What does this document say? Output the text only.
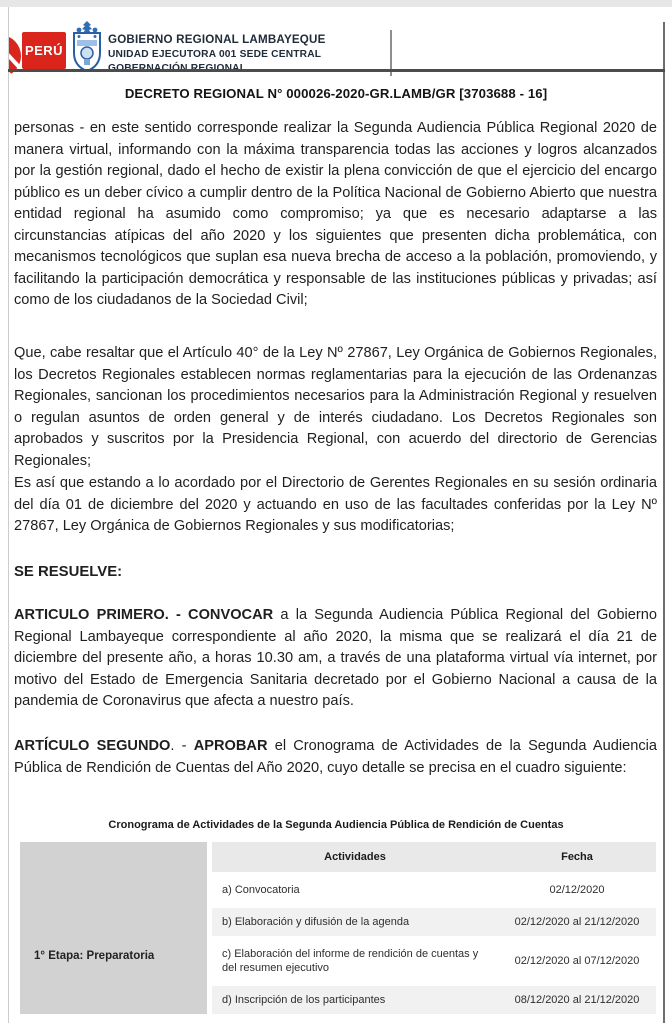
PERÚ
GOBIERNO REGIONAL LAMBAYEQUE
UNIDAD EJECUTORA 001 SEDE CENTRAL
DECRETO REGIONAL N° 000026-2020-GR.LAMB/GR [3703688 - 16]

personas - en este sentido corresponde realizar la Segunda Audiencia Pública Regional 2020 de manera virtual, informando con la máxima transparencia todas las acciones y logros alcanzados por la gestión regional, dado el hecho de existir la plena convicción de que el ejercicio del encargo público es un deber cívico a cumplir dentro de la Política Nacional de Gobierno Abierto que nuestra entidad regional ha asumido como compromiso; ya que es necesario adaptarse a las circunstancias atípicas del año 2020 y los siguientes que presenten dicha problemática, con mecanismos tecnológicos que suplan esa nueva brecha de acceso a la población, promoviendo, y facilitando la participación democrática y responsable de las instituciones públicas y privadas; así como de los ciudadanos de la Sociedad Civil;

Que, cabe resaltar que el Artículo 40° de la Ley Nº 27867, Ley Orgánica de Gobiernos Regionales, los Decretos Regionales establecen normas reglamentarias para la ejecución de las Ordenanzas Regionales, sancionan los procedimientos necesarios para la Administración Regional y resuelven o regulan asuntos de orden general y de interés ciudadano. Los Decretos Regionales son aprobados y suscritos por la Presidencia Regional, con acuerdo del directorio de Gerencias Regionales;

Es así que estando a lo acordado por el Directorio de Gerentes Regionales en su sesión ordinaria del día 01 de diciembre del 2020 y actuando en uso de las facultades conferidas por la Ley Nº 27867, Ley Orgánica de Gobiernos Regionales y sus modificatorias;

SE RESUELVE:

ARTICULO PRIMERO. - CONVOCAR a la Segunda Audiencia Pública Regional del Gobierno Regional Lambayeque correspondiente al año 2020, la misma que se realizará el día 21 de diciembre del presente año, a horas 10.30 am, a través de una plataforma virtual vía internet, por motivo del Estado de Emergencia Sanitaria decretado por el Gobierno Nacional a causa de la pandemia de Coronavirus que afecta a nuestro país.

ARTÍCULO SEGUNDO. - APROBAR el Cronograma de Actividades de la Segunda Audiencia Pública de Rendición de Cuentas del Año 2020, cuyo detalle se precisa en el cuadro siguiente:

Cronograma de Actividades de la Segunda Audiencia Pública de Rendición de Cuentas
1° Etapa: Preparatoria
Actividades	Fecha
a) Convocatoria	02/12/2020
b) Elaboración y difusión de la agenda	02/12/2020 al 21/12/2020
c) Elaboración del informe de rendición de cuentas y del resumen ejecutivo
02/12/2020 al 07/12/2020
d) Inscripción de los participantes	08/12/2020 al 21/12/2020
